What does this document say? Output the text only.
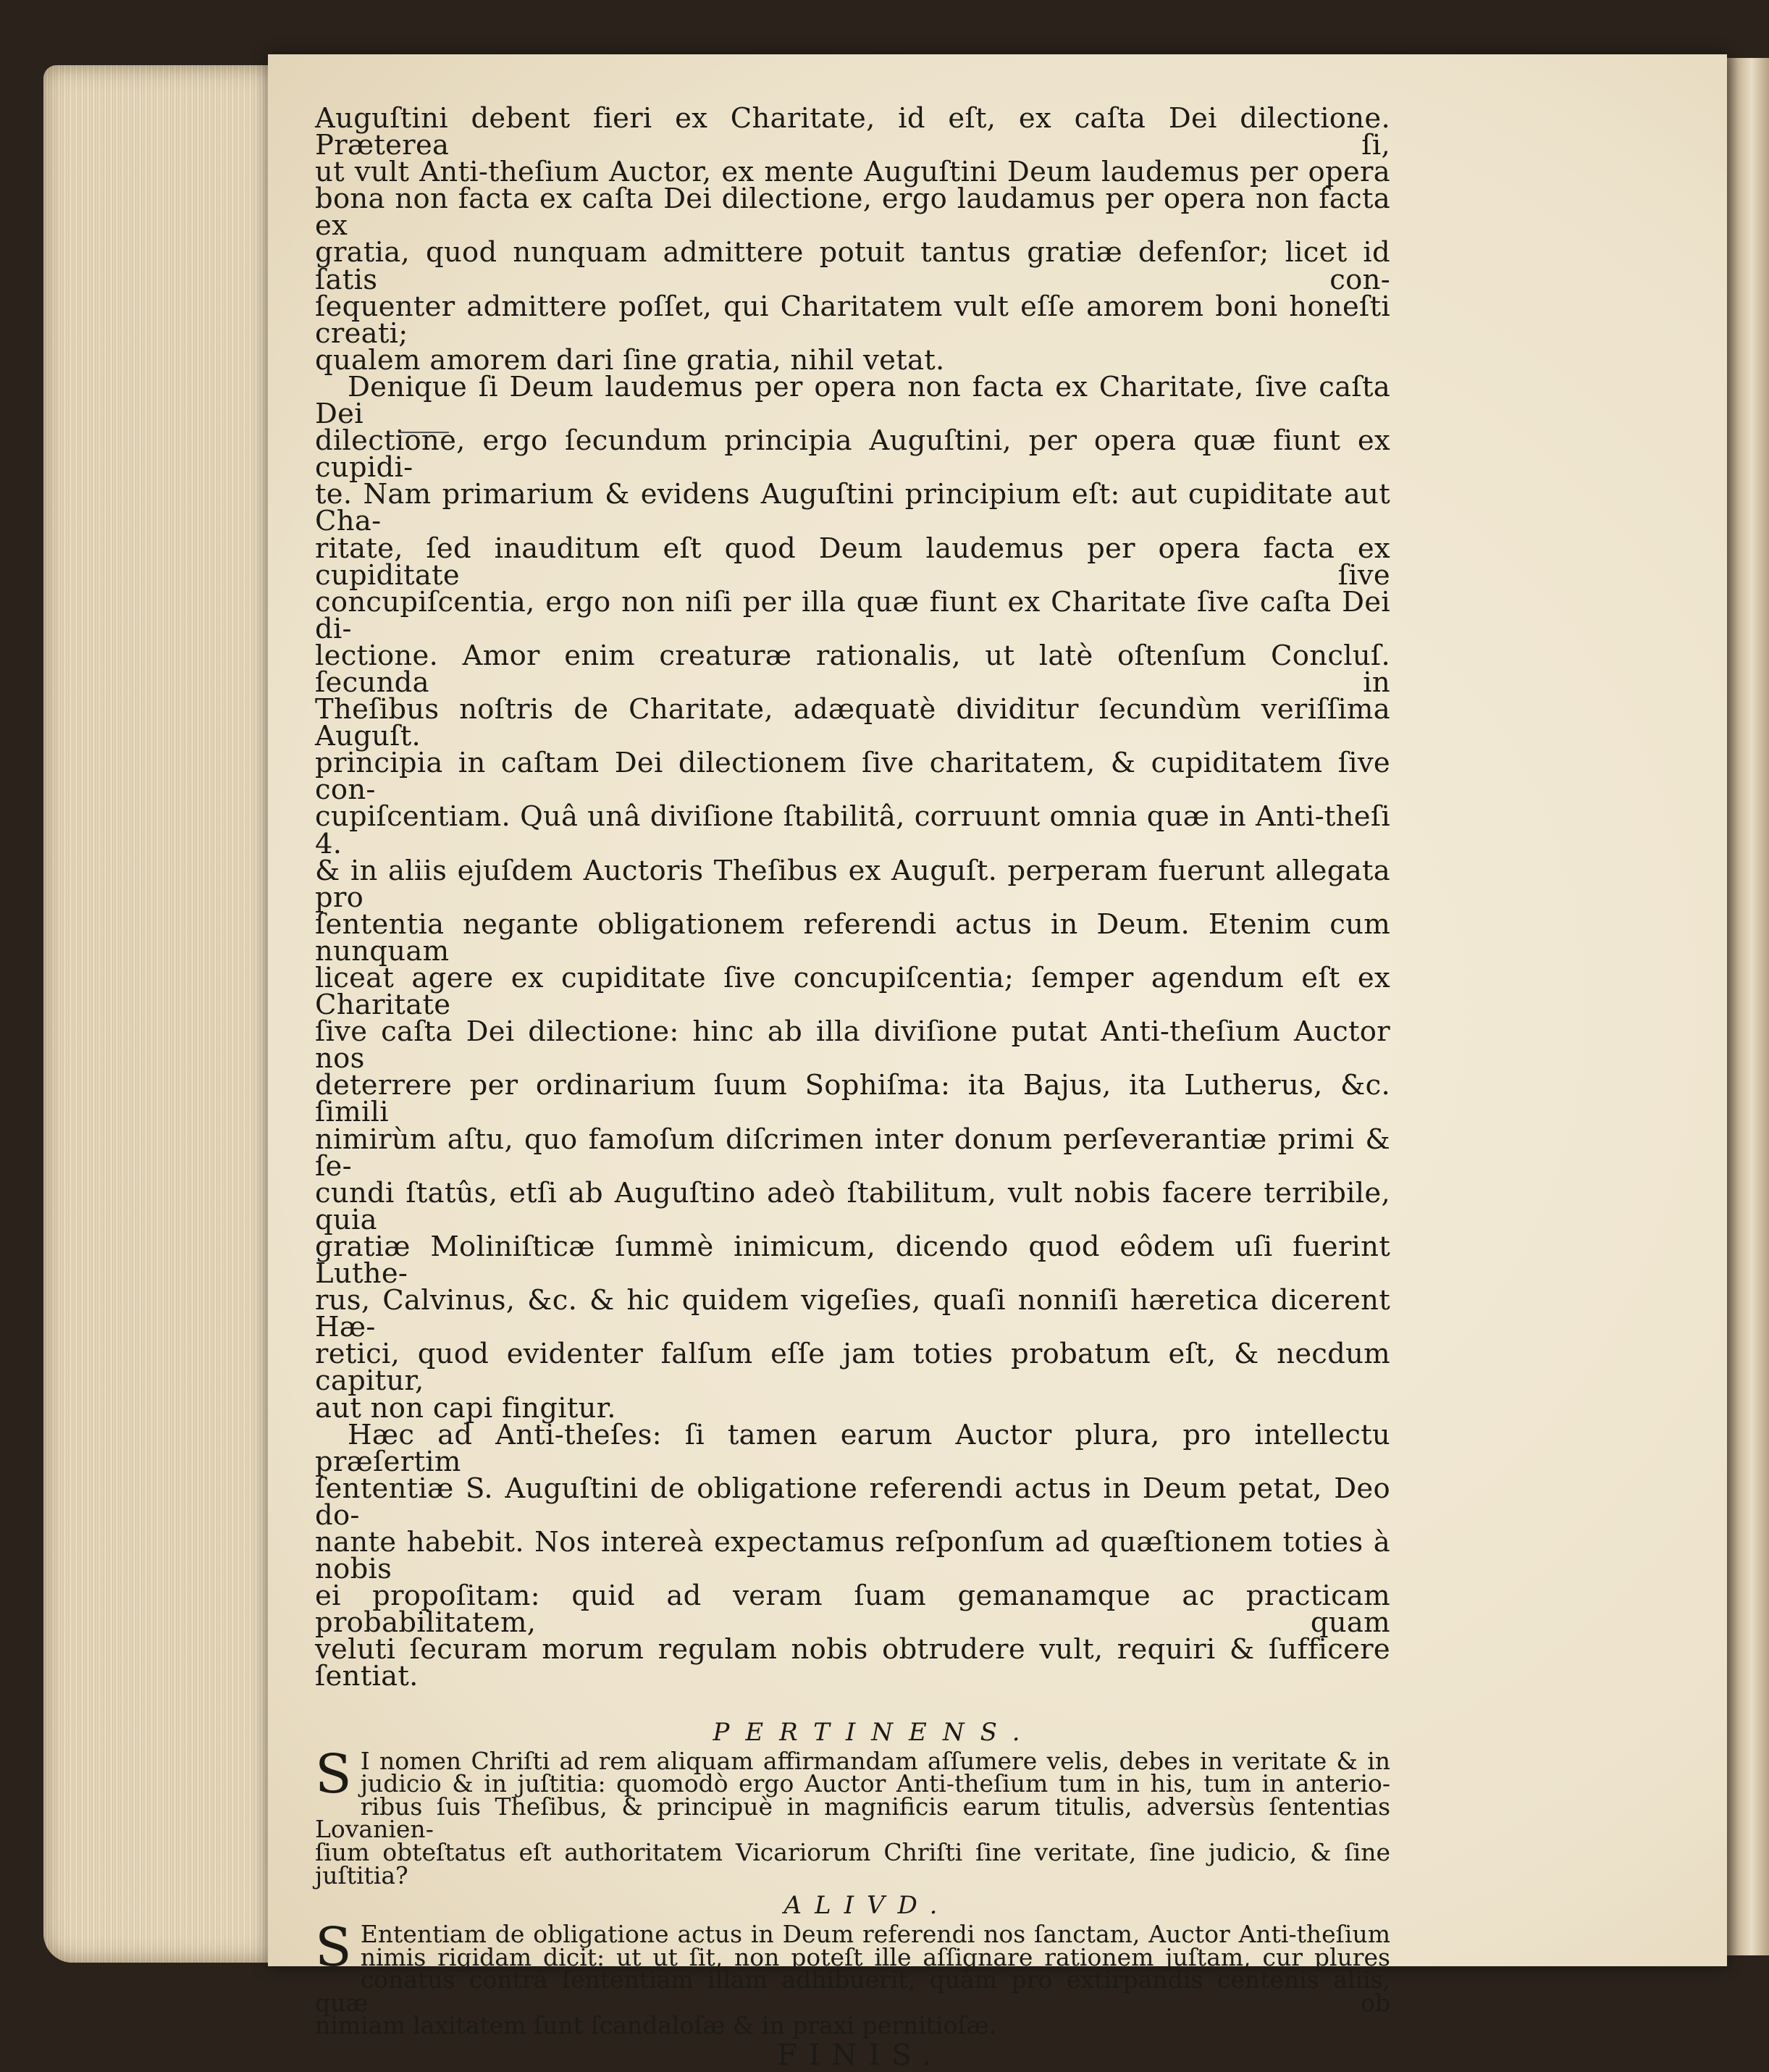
Auguſtini debent fieri ex Charitate, id eſt, ex caſta Dei dilectione. Præterea ſi,
ut vult Anti-theſium Auctor, ex mente Auguſtini Deum laudemus per opera
bona non facta ex caſta Dei dilectione, ergo laudamus per opera non facta ex
gratia, quod nunquam admittere potuit tantus gratiæ defenſor; licet id ſatis con-
ſequenter admittere poſſet, qui Charitatem vult eſſe amorem boni honeſti creati;
qualem amorem dari ſine gratia, nihil vetat.

Denique ſi Deum laudemus per opera non facta ex Charitate, ſive caſta Dei
dilectione, ergo ſecundum principia Auguſtini, per opera quæ fiunt ex cupidi-
te. Nam primarium & evidens Auguſtini principium eſt: aut cupiditate aut Cha-
ritate, ſed inauditum eſt quod Deum laudemus per opera facta ex cupiditate ſive
concupiſcentia, ergo non niſi per illa quæ fiunt ex Charitate ſive caſta Dei di-
lectione. Amor enim creaturæ rationalis, ut latè oſtenſum Concluſ. ſecunda in
Theſibus noſtris de Charitate, adæquatè dividitur ſecundùm veriſſima Auguſt.
principia in caſtam Dei dilectionem ſive charitatem, & cupiditatem ſive con-
cupiſcentiam. Quâ unâ diviſione ſtabilitâ, corruunt omnia quæ in Anti-theſi 4.
& in aliis ejuſdem Auctoris Theſibus ex Auguſt. perperam fuerunt allegata pro
ſententia negante obligationem referendi actus in Deum. Etenim cum nunquam
liceat agere ex cupiditate ſive concupiſcentia; ſemper agendum eſt ex Charitate
ſive caſta Dei dilectione: hinc ab illa diviſione putat Anti-theſium Auctor nos
deterrere per ordinarium ſuum Sophiſma: ita Bajus, ita Lutherus, &c. ſimili
nimirùm aſtu, quo famoſum diſcrimen inter donum perſeverantiæ primi & ſe-
cundi ſtatûs, etſi ab Auguſtino adeò ſtabilitum, vult nobis facere terribile, quia
gratiæ Moliniſticæ ſummè inimicum, dicendo quod eôdem uſi fuerint Luthe-
rus, Calvinus, &c. & hic quidem vigeſies, quaſi nonniſi hæretica dicerent Hæ-
retici, quod evidenter falſum eſſe jam toties probatum eſt, & necdum capitur,
aut non capi fingitur.

Hæc ad Anti-theſes: ſi tamen earum Auctor plura, pro intellectu præſertim
ſententiæ S. Auguſtini de obligatione referendi actus in Deum petat, Deo do-
nante habebit. Nos intereà expectamus reſponſum ad quæſtionem toties à nobis
ei propoſitam: quid ad veram ſuam gemanamque ac practicam probabilitatem, quam
veluti ſecuram morum regulam nobis obtrudere vult, requiri & ſufficere ſentiat.

PERTINENS.
S I nomen Chriſti ad rem aliquam affirmandam aſſumere velis, debes in veritate & in
judicio & in juſtitia: quomodò ergo Auctor Anti-theſium tum in his, tum in anterio-
ribus ſuis Theſibus, & principuè in magnificis earum titulis, adversùs ſententias Lovanien-
ſium obteſtatus eſt authoritatem Vicariorum Chriſti ſine veritate, ſine judicio, & ſine
juſtitia?
ALIVD.
S Ententiam de obligatione actus in Deum referendi nos ſanctam, Auctor Anti-theſium
nimis rigidam dicit: ut ut ſit, non poteſt ille aſſignare rationem juſtam, cur plures
conatus contrà ſententiam illam adhibuerit, quàm pro extirpandis centenis aliis, quæ ob
nimiam laxitatem ſunt ſcandaloſæ & in praxi pernitioſæ.
FINIS.
